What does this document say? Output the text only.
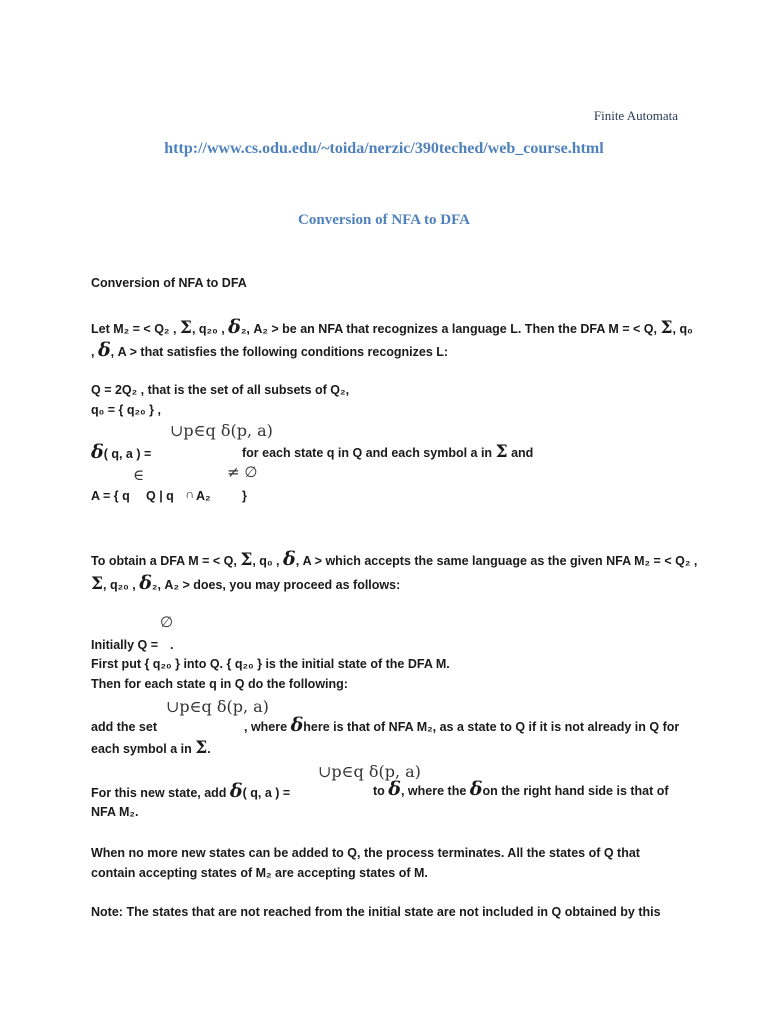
Finite Automata
http://www.cs.odu.edu/~toida/nerzic/390teched/web_course.html
Conversion of NFA to DFA
Conversion of NFA to DFA
Let M₂ = < Q₂ , Σ, q₂₀ , δ₂, A₂ > be an NFA that recognizes a language L. Then the DFA M = < Q, Σ, q₀
, δ, A > that satisfies the following conditions recognizes L:
Q = 2Q₂ , that is the set of all subsets of Q₂,
q₀ = { q₂₀ } ,
∪p∈q δ(p, a)
δ( q, a ) =	for each state q in Q and each symbol a in Σ and
∈	≠ ∅
A = { q Q | q ∩ A₂	}
To obtain a DFA M = < Q, Σ, q₀ , δ, A > which accepts the same language as the given NFA M₂ = < Q₂ ,
Σ, q₂₀ , δ₂, A₂ > does, you may proceed as follows:
∅
Initially Q = .
First put { q₂₀ } into Q. { q₂₀ } is the initial state of the DFA M.
Then for each state q in Q do the following:
∪p∈q δ(p, a)
add the set	, where δhere is that of NFA M₂, as a state to Q if it is not already in Q for
each symbol a in Σ.
∪p∈q δ(p, a)
For this new state, add δ( q, a ) =	to δ, where the δon the right hand side is that of
NFA M₂.
When no more new states can be added to Q, the process terminates. All the states of Q that contain accepting states of M₂ are accepting states of M.
Note: The states that are not reached from the initial state are not included in Q obtained by this
